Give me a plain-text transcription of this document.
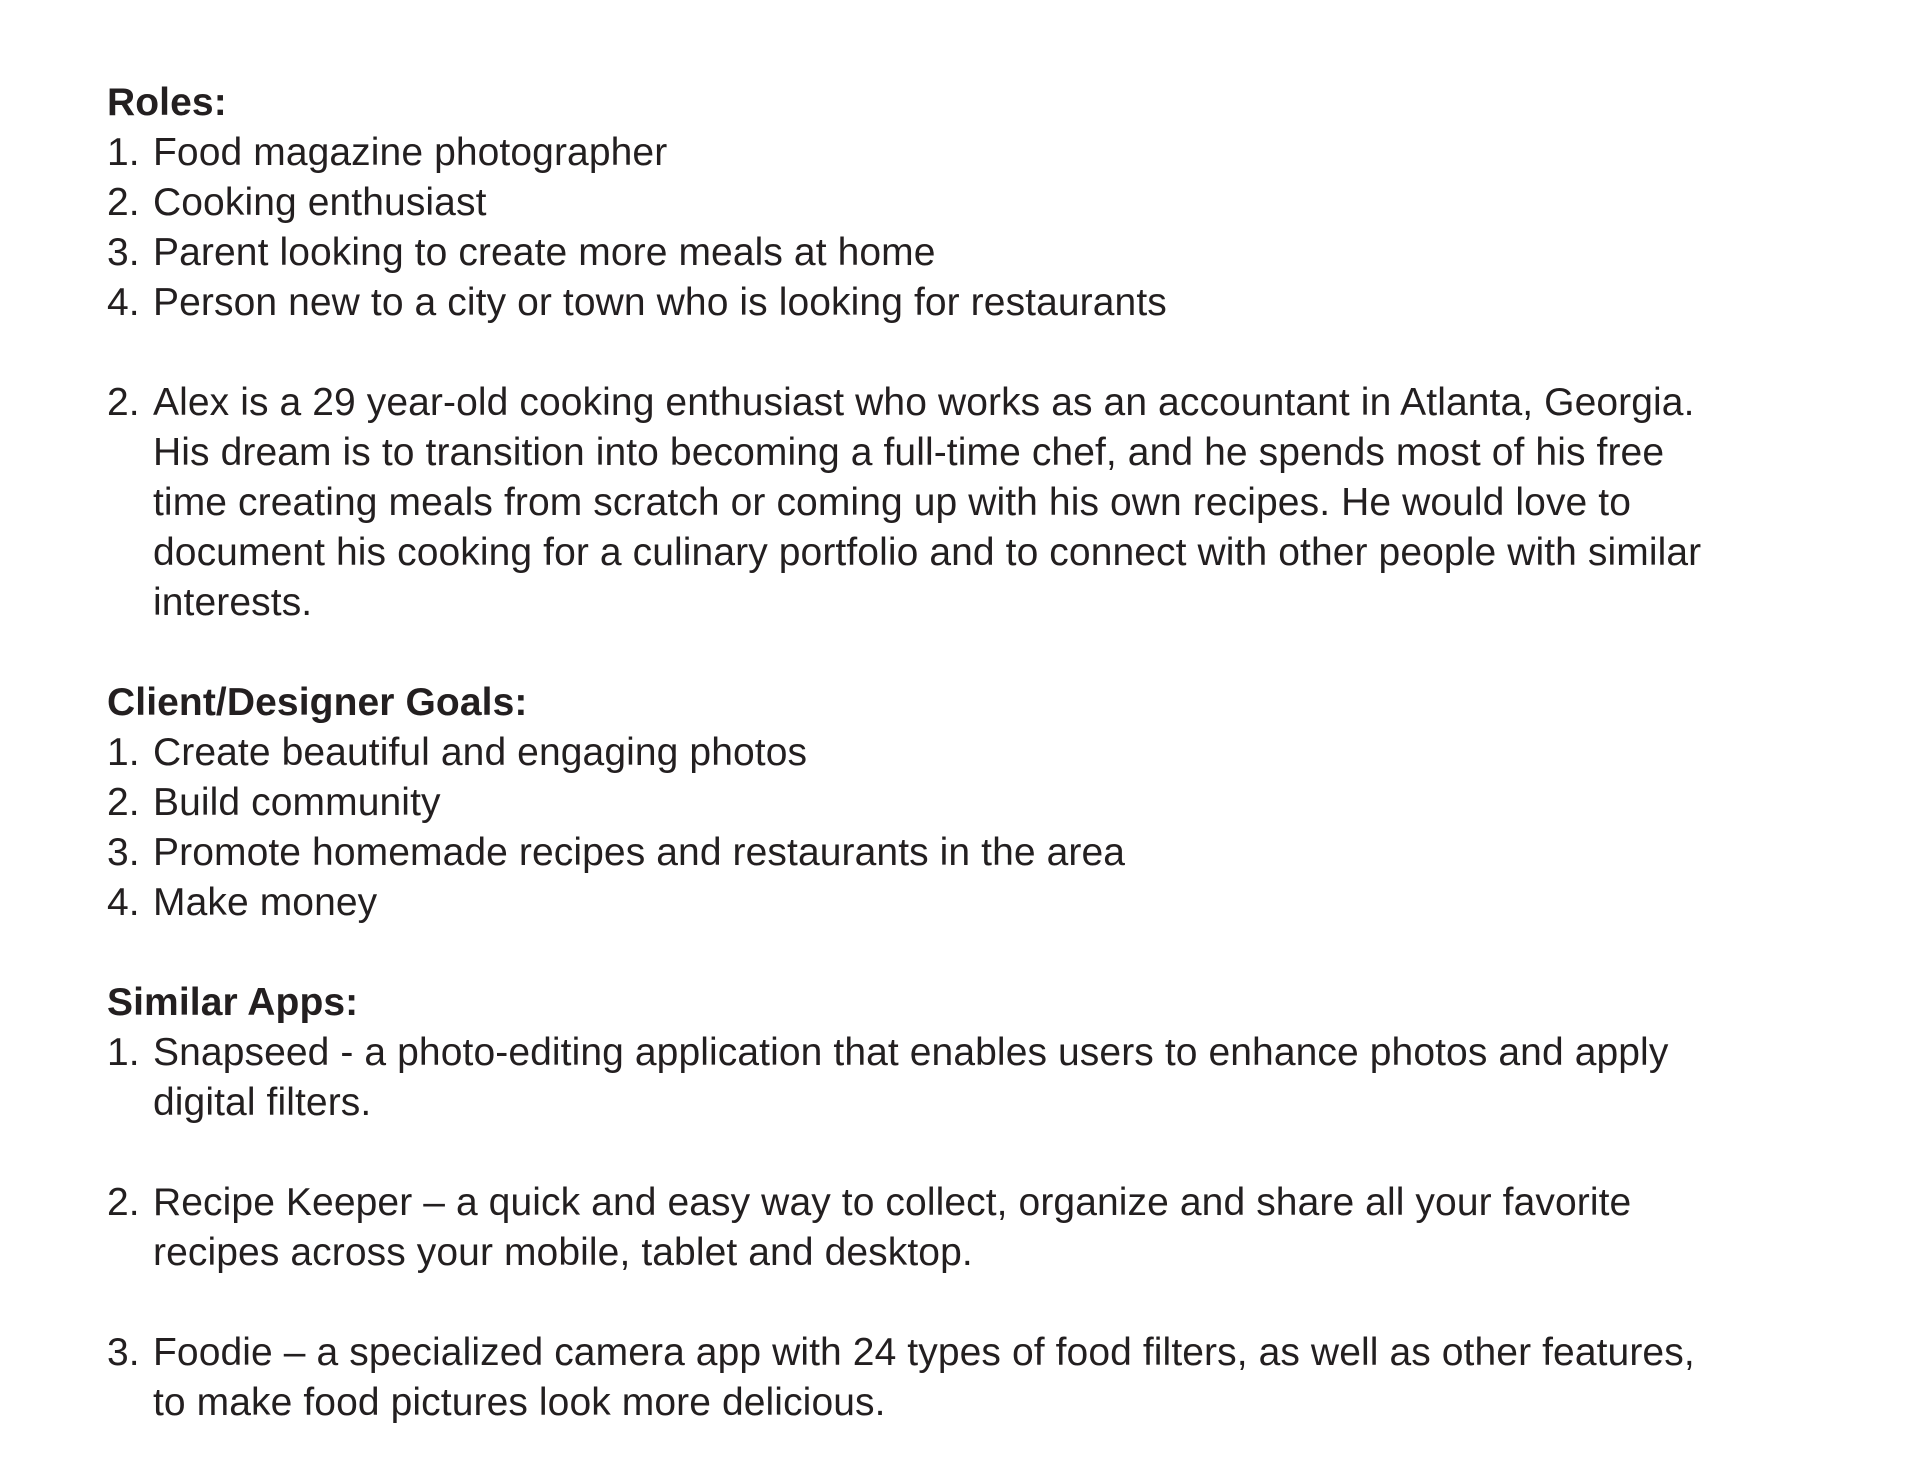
Roles:
1. Food magazine photographer
2. Cooking enthusiast
3. Parent looking to create more meals at home
4. Person new to a city or town who is looking for restaurants
2. Alex is a 29 year-old cooking enthusiast who works as an accountant in Atlanta, Georgia.
His dream is to transition into becoming a full-time chef, and he spends most of his free
time creating meals from scratch or coming up with his own recipes. He would love to
document his cooking for a culinary portfolio and to connect with other people with similar
interests.
Client/Designer Goals:
1. Create beautiful and engaging photos
2. Build community
3. Promote homemade recipes and restaurants in the area
4. Make money
Similar Apps:
1. Snapseed - a photo-editing application that enables users to enhance photos and apply
digital filters.
2. Recipe Keeper – a quick and easy way to collect, organize and share all your favorite
recipes across your mobile, tablet and desktop.
3. Foodie – a specialized camera app with 24 types of food filters, as well as other features,
to make food pictures look more delicious.
